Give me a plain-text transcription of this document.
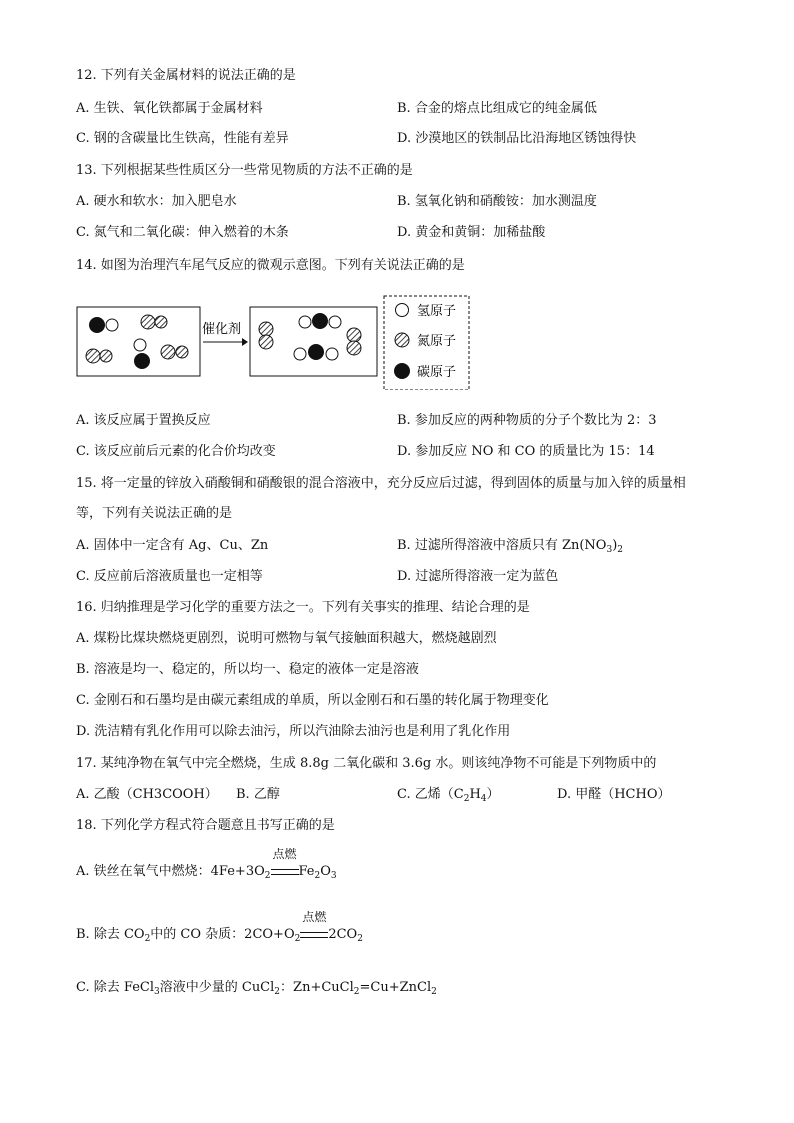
12. 下列有关金属材料的说法正确的是
A. 生铁、氧化铁都属于金属材料	B. 合金的熔点比组成它的纯金属低
C. 钢的含碳量比生铁高，性能有差异	D. 沙漠地区的铁制品比沿海地区锈蚀得快
13. 下列根据某些性质区分一些常见物质的方法不正确的是
A. 硬水和软水：加入肥皂水	B. 氢氧化钠和硝酸铵：加水测温度
C. 氮气和二氧化碳：伸入燃着的木条	D. 黄金和黄铜：加稀盐酸
14. 如图为治理汽车尾气反应的微观示意图。下列有关说法正确的是
催化剂
氢原子
氮原子
碳原子
A. 该反应属于置换反应	B. 参加反应的两种物质的分子个数比为 2：3
C. 该反应前后元素的化合价均改变	D. 参加反应 NO 和 CO 的质量比为 15：14
15. 将一定量的锌放入硝酸铜和硝酸银的混合溶液中，充分反应后过滤，得到固体的质量与加入锌的质量相
等，下列有关说法正确的是
A. 固体中一定含有 Ag、Cu、Zn	B. 过滤所得溶液中溶质只有 $Zn(NO_3)_2$
C. 反应前后溶液质量也一定相等	D. 过滤所得溶液一定为蓝色
16. 归纳推理是学习化学的重要方法之一。下列有关事实的推理、结论合理的是
A. 煤粉比煤块燃烧更剧烈，说明可燃物与氧气接触面积越大，燃烧越剧烈
B. 溶液是均一、稳定的，所以均一、稳定的液体一定是溶液
C. 金刚石和石墨均是由碳元素组成的单质，所以金刚石和石墨的转化属于物理变化
D. 洗洁精有乳化作用可以除去油污，所以汽油除去油污也是利用了乳化作用
17. 某纯净物在氧气中完全燃烧，生成 8.8g 二氧化碳和 3.6g 水。则该纯净物不可能是下列物质中的
A. 乙酸（CH3COOH） B. 乙醇	C. 乙烯$(C_2H_4)$	D. 甲醛（HCHO）
18. 下列化学方程式符合题意且书写正确的是
A. 铁丝在氧气中燃烧：$4Fe+3O_2$
点燃
$Fe_2O_3$
B. 除去 $CO_2$中的 CO 杂质：$2CO+O_2$
点燃
$2CO_2$
C. 除去 FeCl$_3$溶液中少量的 CuCl$_2$：Zn+CuCl$_2$=Cu+ZnCl$_2$
